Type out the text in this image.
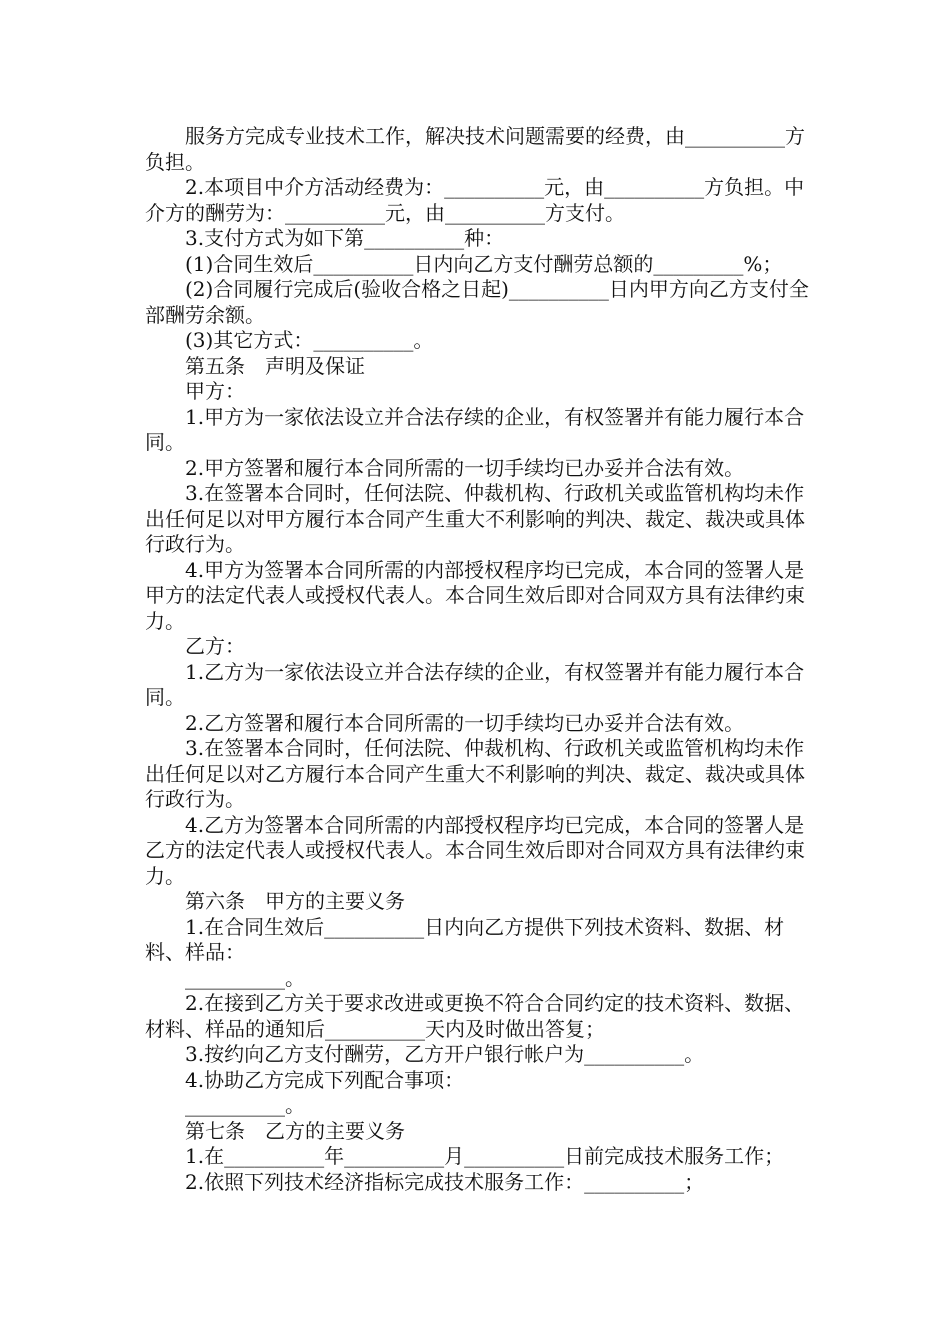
服务方完成专业技术工作，解决技术问题需要的经费，由__________方负担。

2.本项目中介方活动经费为：__________元，由__________方负担。中介方的酬劳为：__________元，由__________方支付。

3.支付方式为如下第__________种：

(1)合同生效后__________日内向乙方支付酬劳总额的_________%；

(2)合同履行完成后(验收合格之日起)__________日内甲方向乙方支付全部酬劳余额。

(3)其它方式：__________。

第五条　声明及保证

甲方：

1.甲方为一家依法设立并合法存续的企业，有权签署并有能力履行本合同。

2.甲方签署和履行本合同所需的一切手续均已办妥并合法有效。

3.在签署本合同时，任何法院、仲裁机构、行政机关或监管机构均未作出任何足以对甲方履行本合同产生重大不利影响的判决、裁定、裁决或具体行政行为。

4.甲方为签署本合同所需的内部授权程序均已完成，本合同的签署人是甲方的法定代表人或授权代表人。本合同生效后即对合同双方具有法律约束力。

乙方：

1.乙方为一家依法设立并合法存续的企业，有权签署并有能力履行本合同。

2.乙方签署和履行本合同所需的一切手续均已办妥并合法有效。

3.在签署本合同时，任何法院、仲裁机构、行政机关或监管机构均未作出任何足以对乙方履行本合同产生重大不利影响的判决、裁定、裁决或具体行政行为。

4.乙方为签署本合同所需的内部授权程序均已完成，本合同的签署人是乙方的法定代表人或授权代表人。本合同生效后即对合同双方具有法律约束力。

第六条　甲方的主要义务

1.在合同生效后__________日内向乙方提供下列技术资料、数据、材料、样品：

__________。

2.在接到乙方关于要求改进或更换不符合合同约定的技术资料、数据、材料、样品的通知后__________天内及时做出答复；

3.按约向乙方支付酬劳，乙方开户银行帐户为__________。

4.协助乙方完成下列配合事项：

__________。

第七条　乙方的主要义务

1.在__________年__________月__________日前完成技术服务工作；

2.依照下列技术经济指标完成技术服务工作：__________；
